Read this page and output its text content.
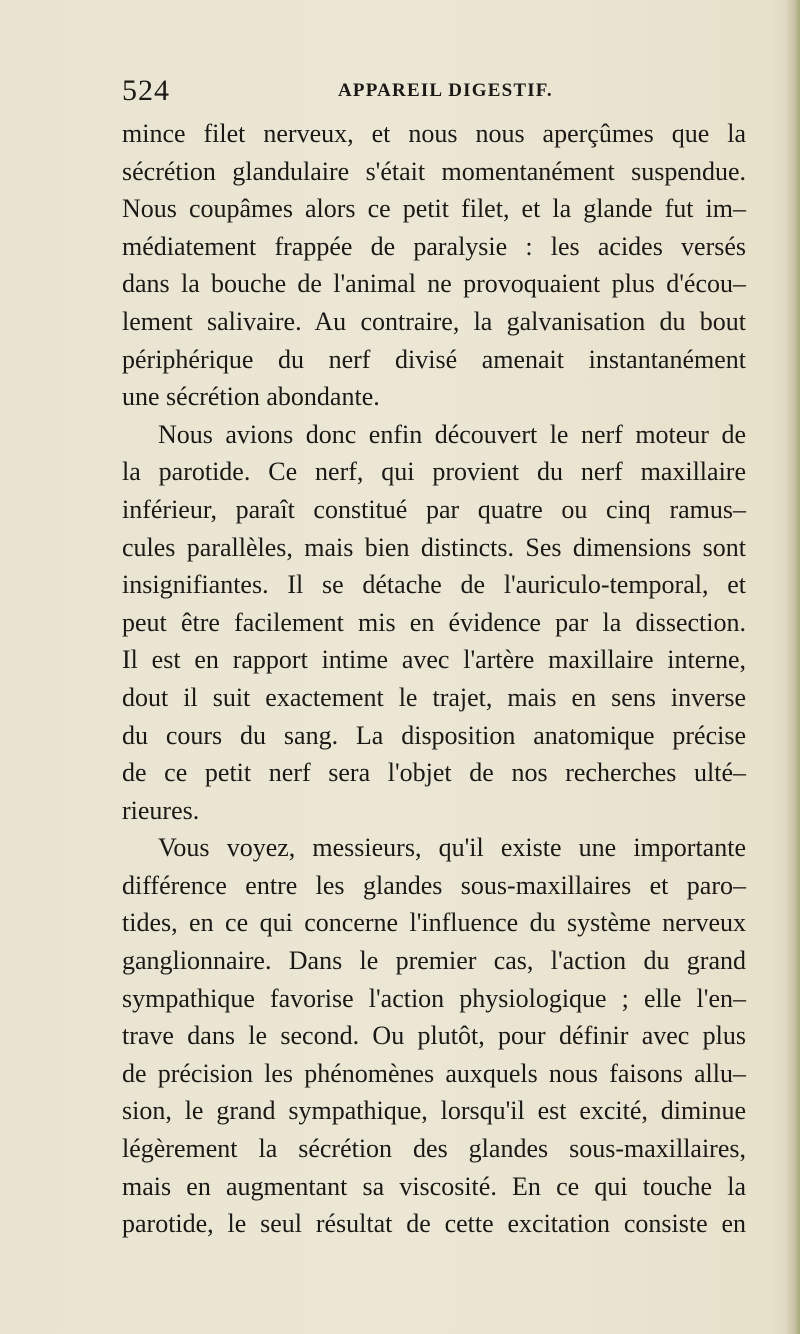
524	APPAREIL DIGESTIF.
mince filet nerveux, et nous nous aperçûmes que la
sécrétion glandulaire s'était momentanément suspendue.
Nous coupâmes alors ce petit filet, et la glande fut im–
médiatement frappée de paralysie : les acides versés
dans la bouche de l'animal ne provoquaient plus d'écou–
lement salivaire. Au contraire, la galvanisation du bout
périphérique du nerf divisé amenait instantanément
une sécrétion abondante.
Nous avions donc enfin découvert le nerf moteur de
la parotide. Ce nerf, qui provient du nerf maxillaire
inférieur, paraît constitué par quatre ou cinq ramus–
cules parallèles, mais bien distincts. Ses dimensions sont
insignifiantes. Il se détache de l'auriculo-temporal, et
peut être facilement mis en évidence par la dissection.
Il est en rapport intime avec l'artère maxillaire interne,
dout il suit exactement le trajet, mais en sens inverse
du cours du sang. La disposition anatomique précise
de ce petit nerf sera l'objet de nos recherches ulté–
rieures.
Vous voyez, messieurs, qu'il existe une importante
différence entre les glandes sous-maxillaires et paro–
tides, en ce qui concerne l'influence du système nerveux
ganglionnaire. Dans le premier cas, l'action du grand
sympathique favorise l'action physiologique ; elle l'en–
trave dans le second. Ou plutôt, pour définir avec plus
de précision les phénomènes auxquels nous faisons allu–
sion, le grand sympathique, lorsqu'il est excité, diminue
légèrement la sécrétion des glandes sous-maxillaires,
mais en augmentant sa viscosité. En ce qui touche la
parotide, le seul résultat de cette excitation consiste en
